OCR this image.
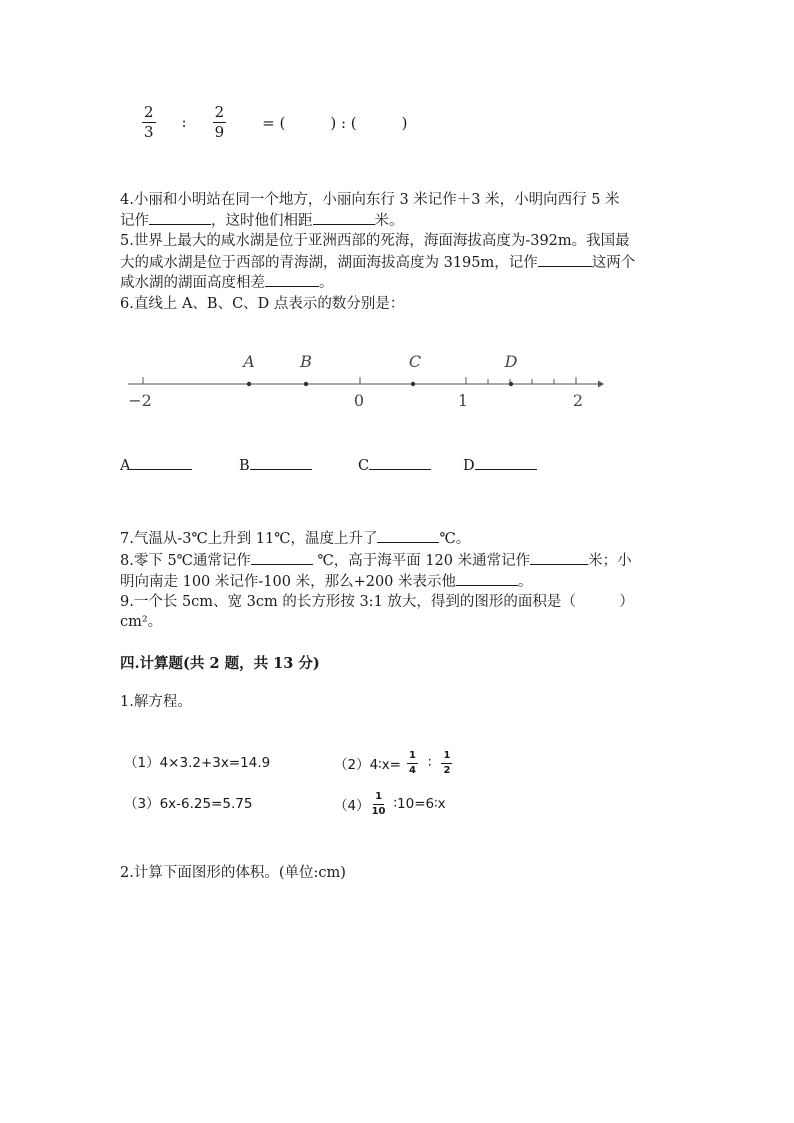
$\frac{2}{3}$ : $\frac{2}{9}$ = (　　　) : (　　　)
4.小丽和小明站在同一个地方，小丽向东行 3 米记作＋3 米，小明向西行 5 米
记作	，这时他们相距	米。
5.世界上最大的咸水湖是位于亚洲西部的死海，海面海拔高度为-392m。我国最
大的咸水湖是位于西部的青海湖，湖面海拔高度为 3195m，记作	这两个
咸水湖的湖面高度相差	。
6.直线上 A、B、C、D 点表示的数分别是：
A	B	C	D
−2	0	1	2
A	B	C	D
7.气温从-3℃上升到 11℃，温度上升了	℃。
8.零下 5℃通常记作	℃，高于海平面 120 米通常记作	米；小
明向南走 100 米记作-100 米，那么+200 米表示他	。
9.一个长 5cm、宽 3cm 的长方形按 3:1 放大，得到的图形的面积是（　　　）
cm²。
四.计算题(共 2 题，共 13 分)
1.解方程。
（1）4×3.2+3x=14.9	（2）4∶x= $\frac{1}{4}$ ∶ $\frac{1}{2}$
（3）6x-6.25=5.75	$(4) \frac{1}{10}$ ∶10=6∶x
2.计算下面图形的体积。(单位:cm)
